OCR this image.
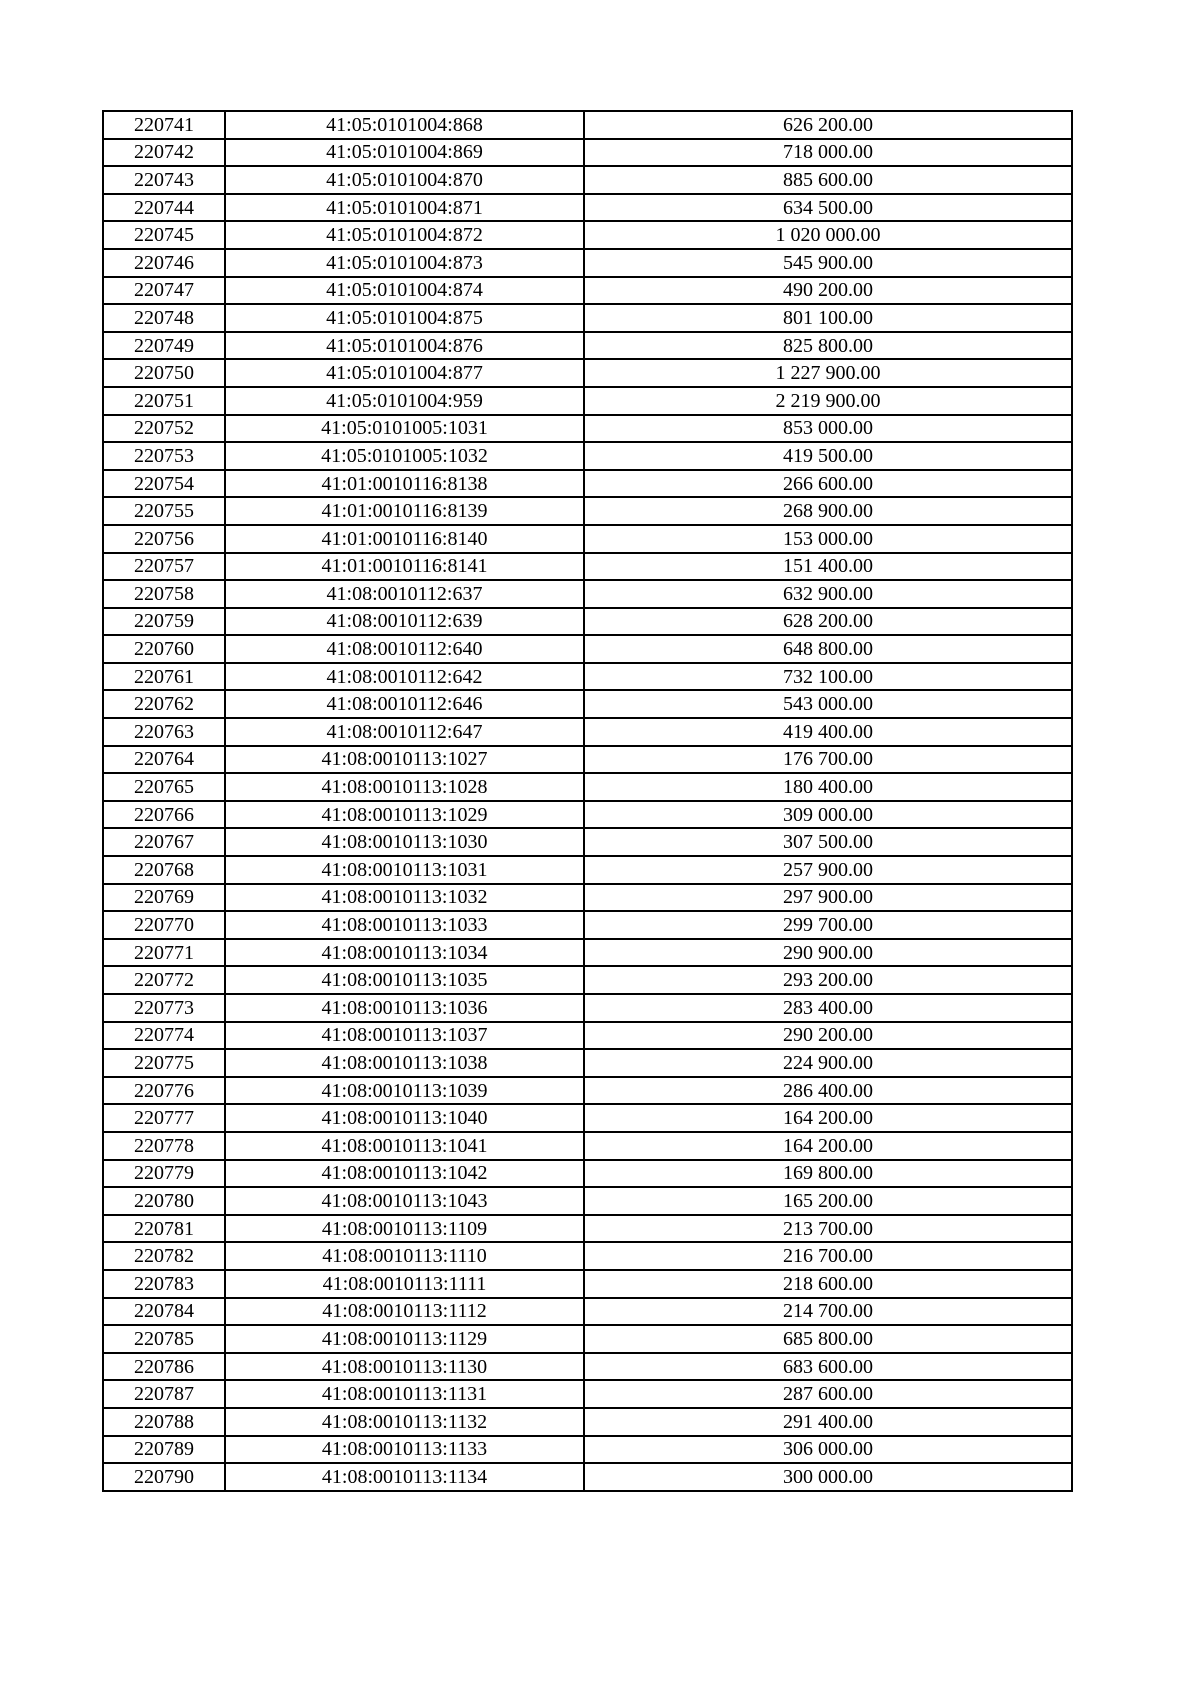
220741	41:05:0101004:868	626 200.00
220742	41:05:0101004:869	718 000.00
220743	41:05:0101004:870	885 600.00
220744	41:05:0101004:871	634 500.00
220745	41:05:0101004:872	1 020 000.00
220746	41:05:0101004:873	545 900.00
220747	41:05:0101004:874	490 200.00
220748	41:05:0101004:875	801 100.00
220749	41:05:0101004:876	825 800.00
220750	41:05:0101004:877	1 227 900.00
220751	41:05:0101004:959	2 219 900.00
220752	41:05:0101005:1031	853 000.00
220753	41:05:0101005:1032	419 500.00
220754	41:01:0010116:8138	266 600.00
220755	41:01:0010116:8139	268 900.00
220756	41:01:0010116:8140	153 000.00
220757	41:01:0010116:8141	151 400.00
220758	41:08:0010112:637	632 900.00
220759	41:08:0010112:639	628 200.00
220760	41:08:0010112:640	648 800.00
220761	41:08:0010112:642	732 100.00
220762	41:08:0010112:646	543 000.00
220763	41:08:0010112:647	419 400.00
220764	41:08:0010113:1027	176 700.00
220765	41:08:0010113:1028	180 400.00
220766	41:08:0010113:1029	309 000.00
220767	41:08:0010113:1030	307 500.00
220768	41:08:0010113:1031	257 900.00
220769	41:08:0010113:1032	297 900.00
220770	41:08:0010113:1033	299 700.00
220771	41:08:0010113:1034	290 900.00
220772	41:08:0010113:1035	293 200.00
220773	41:08:0010113:1036	283 400.00
220774	41:08:0010113:1037	290 200.00
220775	41:08:0010113:1038	224 900.00
220776	41:08:0010113:1039	286 400.00
220777	41:08:0010113:1040	164 200.00
220778	41:08:0010113:1041	164 200.00
220779	41:08:0010113:1042	169 800.00
220780	41:08:0010113:1043	165 200.00
220781	41:08:0010113:1109	213 700.00
220782	41:08:0010113:1110	216 700.00
220783	41:08:0010113:1111	218 600.00
220784	41:08:0010113:1112	214 700.00
220785	41:08:0010113:1129	685 800.00
220786	41:08:0010113:1130	683 600.00
220787	41:08:0010113:1131	287 600.00
220788	41:08:0010113:1132	291 400.00
220789	41:08:0010113:1133	306 000.00
220790	41:08:0010113:1134	300 000.00
